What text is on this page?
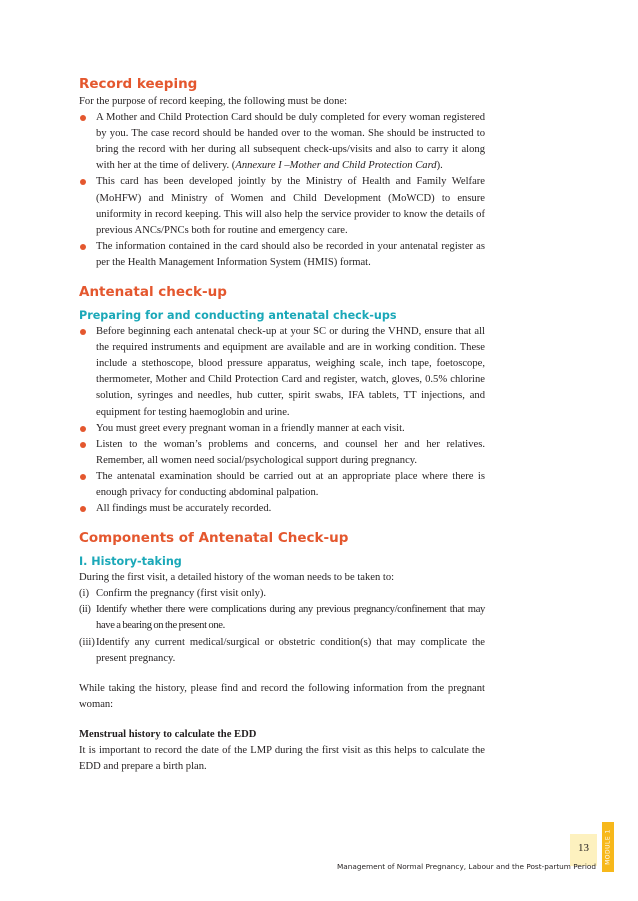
Record keeping

For the purpose of record keeping, the following must be done:

A Mother and Child Protection Card should be duly completed for every woman registered by you. The case record should be handed over to the woman. She should be instructed to bring the record with her during all subsequent check-ups/visits and also to carry it along with her at the time of delivery. (Annexure I –Mother and Child Protection Card).
This card has been developed jointly by the Ministry of Health and Family Welfare (MoHFW) and Ministry of Women and Child Development (MoWCD) to ensure uniformity in record keeping. This will also help the service provider to know the details of previous ANCs/PNCs both for routine and emergency care.
The information contained in the card should also be recorded in your antenatal register as per the Health Management Information System (HMIS) format.
Antenatal check-up
Preparing for and conducting antenatal check-ups
Before beginning each antenatal check-up at your SC or during the VHND, ensure that all the required instruments and equipment are available and are in working condition. These include a stethoscope, blood pressure apparatus, weighing scale, inch tape, foetoscope, thermometer, Mother and Child Protection Card and register, watch, gloves, 0.5% chlorine solution, syringes and needles, hub cutter, spirit swabs, IFA tablets, TT injections, and equipment for testing haemoglobin and urine.
You must greet every pregnant woman in a friendly manner at each visit.
Listen to the woman’s problems and concerns, and counsel her and her relatives. Remember, all women need social/psychological support during pregnancy.
The antenatal examination should be carried out at an appropriate place where there is enough privacy for conducting abdominal palpation.
All findings must be accurately recorded.
Components of Antenatal Check-up
I. History-taking

During the first visit, a detailed history of the woman needs to be taken to:

(i) Confirm the pregnancy (first visit only).
(ii) Identify whether there were complications during any previous pregnancy/confinement that may have a bearing on the present one.
(iii) Identify any current medical/surgical or obstetric condition(s) that may complicate the present pregnancy.

While taking the history, please find and record the following information from the pregnant woman:

Menstrual history to calculate the EDD

It is important to record the date of the LMP during the first visit as this helps to calculate the EDD and prepare a birth plan.

13	MODULE 1
Management of Normal Pregnancy, Labour and the Post-partum Period
